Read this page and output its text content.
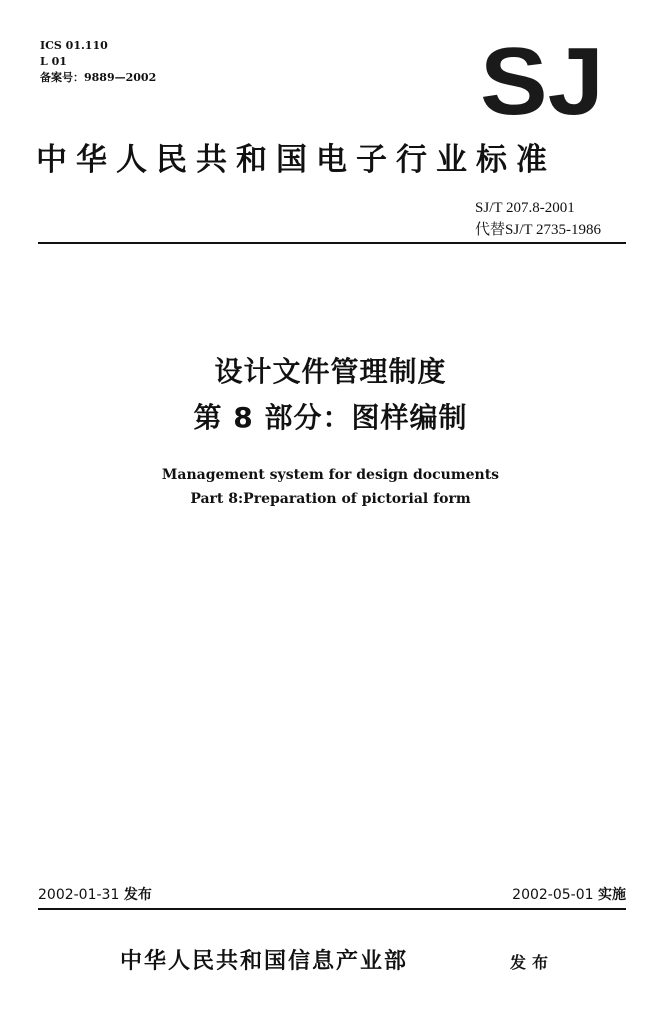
ICS 01.110
L 01
备案号：9889—2002	SJ
中华人民共和国电子行业标准
SJ/T 207.8-2001
代替SJ/T 2735-1986
设计文件管理制度
第 8 部分：图样编制
Management system for design documents
Part 8:Preparation of pictorial form
2002-01-31 发布	2002-05-01 实施
中华人民共和国信息产业部	发布
